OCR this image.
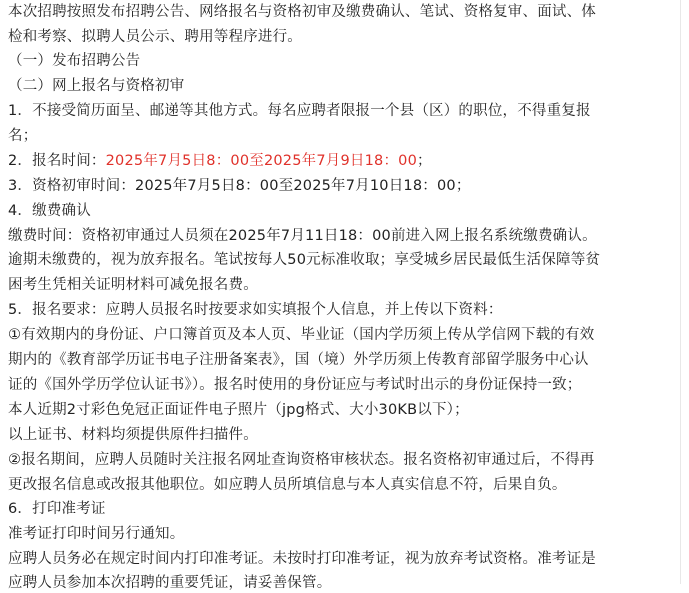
本次招聘按照发布招聘公告、网络报名与资格初审及缴费确认、笔试、资格复审、面试、体
检和考察、拟聘人员公示、聘用等程序进行。
（一）发布招聘公告
（二）网上报名与资格初审
1．不接受简历面呈、邮递等其他方式。每名应聘者限报一个县（区）的职位，不得重复报
名；
2．报名时间：2025年7月5日8：00至2025年7月9日18：00；
3．资格初审时间：2025年7月5日8：00至2025年7月10日18：00；
4．缴费确认
缴费时间：资格初审通过人员须在2025年7月11日18：00前进入网上报名系统缴费确认。
逾期未缴费的，视为放弃报名。笔试按每人50元标准收取；享受城乡居民最低生活保障等贫
困考生凭相关证明材料可减免报名费。
5．报名要求：应聘人员报名时按要求如实填报个人信息，并上传以下资料：
①有效期内的身份证、户口簿首页及本人页、毕业证（国内学历须上传从学信网下载的有效
期内的《教育部学历证书电子注册备案表》，国（境）外学历须上传教育部留学服务中心认
证的《国外学历学位认证书》）。报名时使用的身份证应与考试时出示的身份证保持一致；
本人近期2寸彩色免冠正面证件电子照片（jpg格式、大小30KB以下）；
以上证书、材料均须提供原件扫描件。
②报名期间，应聘人员随时关注报名网址查询资格审核状态。报名资格初审通过后，不得再
更改报名信息或改报其他职位。如应聘人员所填信息与本人真实信息不符，后果自负。
6．打印准考证
准考证打印时间另行通知。
应聘人员务必在规定时间内打印准考证。未按时打印准考证，视为放弃考试资格。准考证是
应聘人员参加本次招聘的重要凭证，请妥善保管。
